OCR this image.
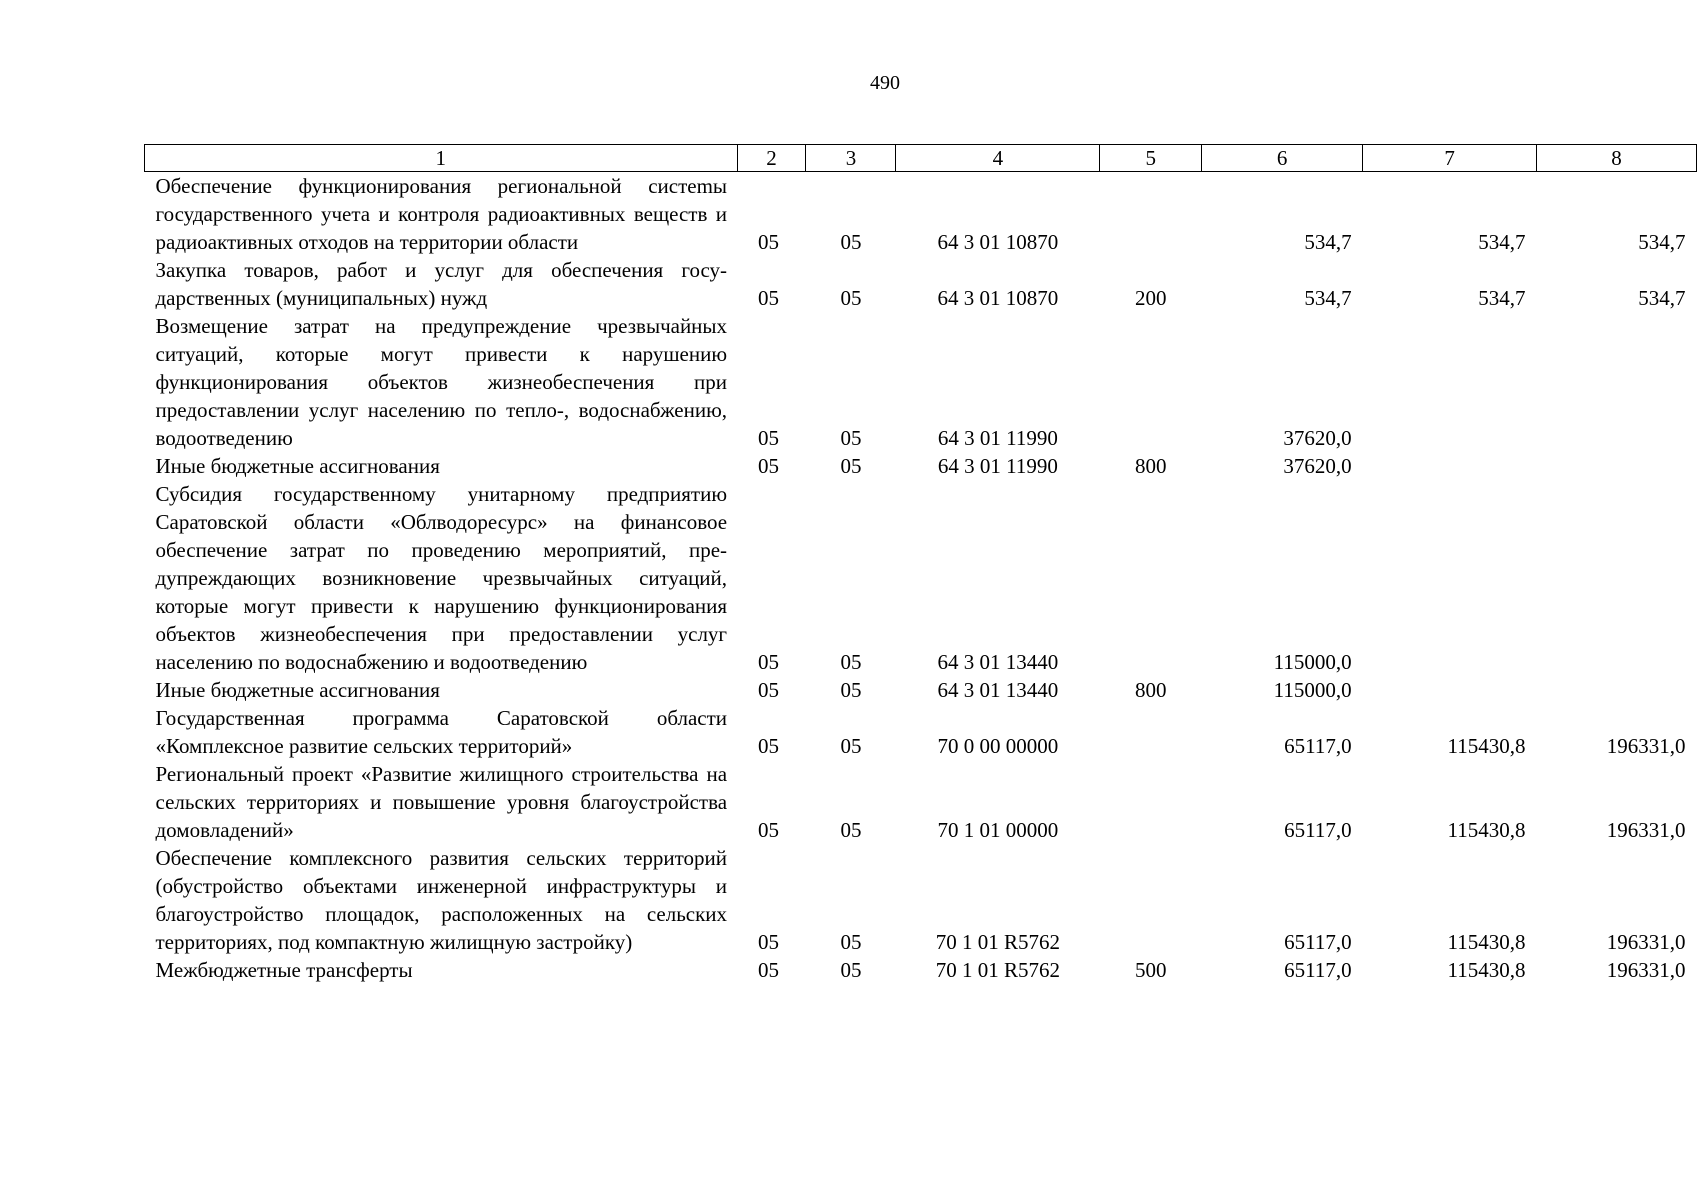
490
1	2	3	4	5	6	7	8
Обеспечение функционирования региональной систеmы государственного учета и контроля радиоактивных веществ и радиоактивных отходов на территории области	05	05	64 3 01 10870		534,7	534,7	534,7
Закупка товаров, работ и услуг для обеспечения государственных (муниципальных) нужд	05	05	64 3 01 10870	200	534,7	534,7	534,7
Возмещение затрат на предупреждение чрезвычайных ситуаций, которые могут привести к нарушению функционирования объектов жизнеобеспечения при предоставлении услуг населению по тепло-, водоснабжению, водоотведению	05	05	64 3 01 11990		37620,0		
Иные бюджетные ассигнования	05	05	64 3 01 11990	800	37620,0		
Субсидия государственному унитарному предприятию Саратовской области «Облводоресурс» на финансовое обеспечение затрат по проведению мероприятий, предупреждающих возникновение чрезвычайных ситуаций, которые могут привести к нарушению функционирования объектов жизнеобеспечения при предоставлении услуг населению по водоснабжению и водоотведению	05	05	64 3 01 13440		115000,0		
Иные бюджетные ассигнования	05	05	64 3 01 13440	800	115000,0		
Государственная программа Саратовской области «Комплексное развитие сельских территорий»	05	05	70 0 00 00000		65117,0	115430,8	196331,0
Региональный проект «Развитие жилищного строительства на сельских территориях и повышение уровня благоустройства домовладений»	05	05	70 1 01 00000		65117,0	115430,8	196331,0
Обеспечение комплексного развития сельских территорий (обустройство объектами инженерной инфраструктуры и благоустройство площадок, расположенных на сельских территориях, под компактную жилищную застройку)	05	05	70 1 01 R5762		65117,0	115430,8	196331,0
Межбюджетные трансферты	05	05	70 1 01 R5762	500	65117,0	115430,8	196331,0
